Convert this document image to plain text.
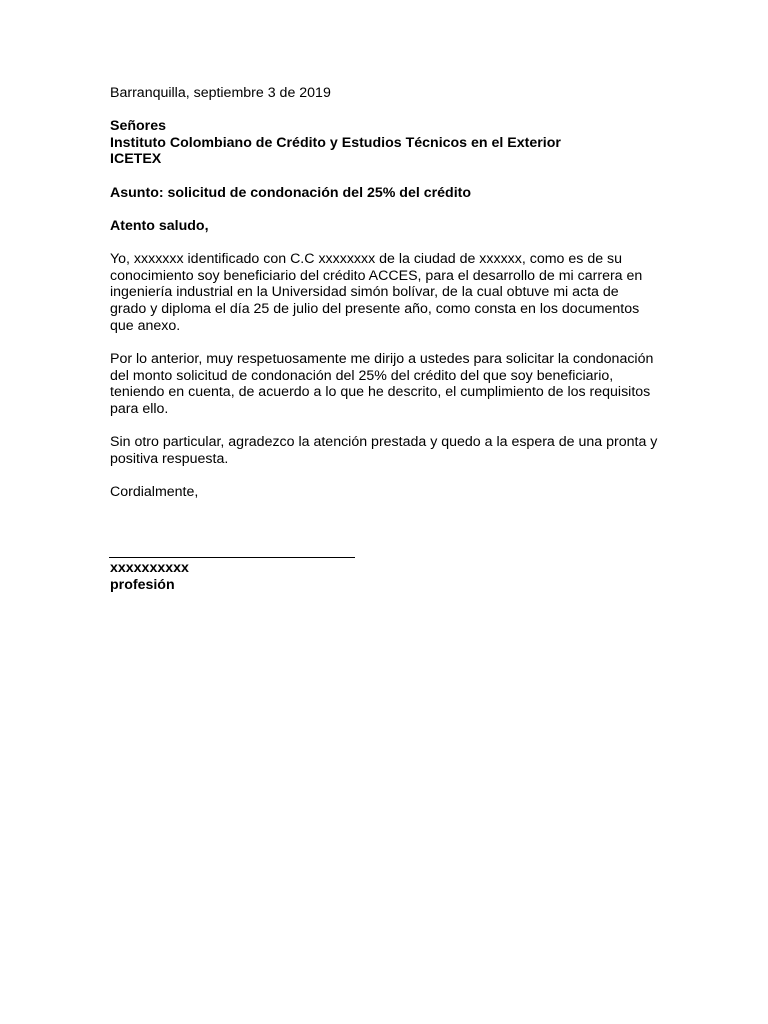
Barranquilla, septiembre 3 de 2019

Señores
Instituto Colombiano de Crédito y Estudios Técnicos en el Exterior
ICETEX

Asunto: solicitud de condonación del 25% del crédito

Atento saludo,

Yo, xxxxxxx identificado con C.C xxxxxxxx de la ciudad de xxxxxx, como es de su
conocimiento soy beneficiario del crédito ACCES, para el desarrollo de mi carrera en
ingeniería industrial en la Universidad simón bolívar, de la cual obtuve mi acta de
grado y diploma el día 25 de julio del presente año, como consta en los documentos
que anexo.
Por lo anterior, muy respetuosamente me dirijo a ustedes para solicitar la condonación
del monto solicitud de condonación del 25% del crédito del que soy beneficiario,
teniendo en cuenta, de acuerdo a lo que he descrito, el cumplimiento de los requisitos
para ello.
Sin otro particular, agradezco la atención prestada y quedo a la espera de una pronta y
positiva respuesta.

Cordialmente,

xxxxxxxxxx
profesión
